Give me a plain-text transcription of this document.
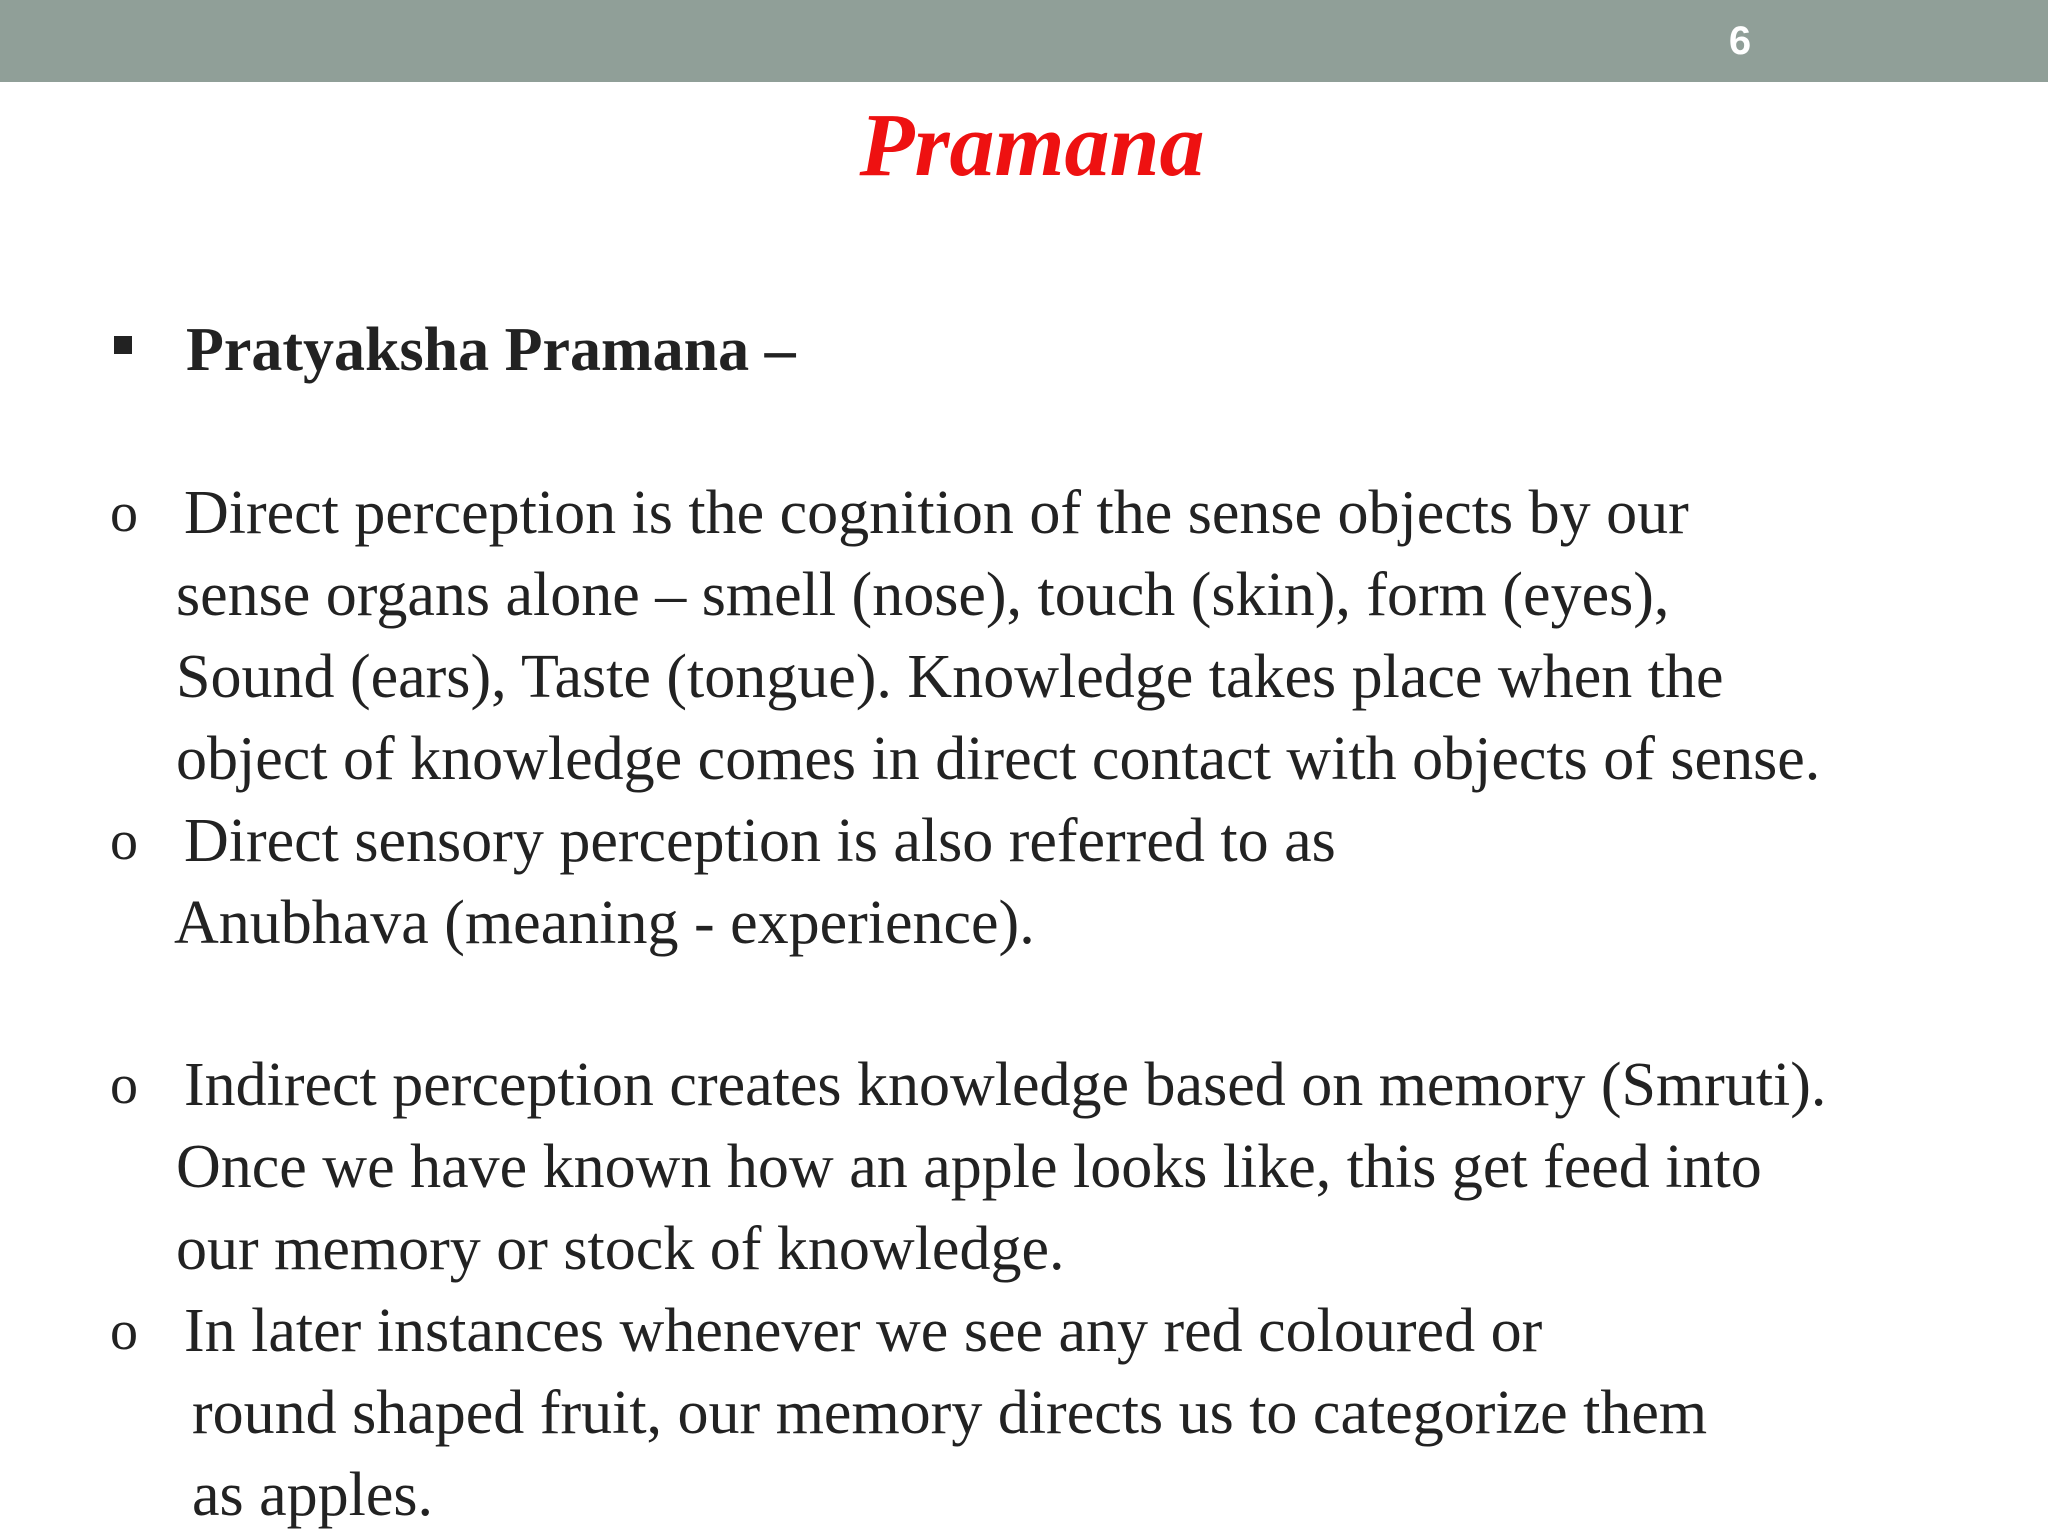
6
Pramana
Pratyaksha Pramana –
o Direct perception is the cognition of the sense objects by our
sense organs alone – smell (nose), touch (skin), form (eyes),
Sound (ears), Taste (tongue). Knowledge takes place when the
object of knowledge comes in direct contact with objects of sense.
o Direct sensory perception is also referred to as
Anubhava (meaning - experience).
o Indirect perception creates knowledge based on memory (Smruti).
Once we have known how an apple looks like, this get feed into
our memory or stock of knowledge.
o In later instances whenever we see any red coloured or
round shaped fruit, our memory directs us to categorize them
as apples.
